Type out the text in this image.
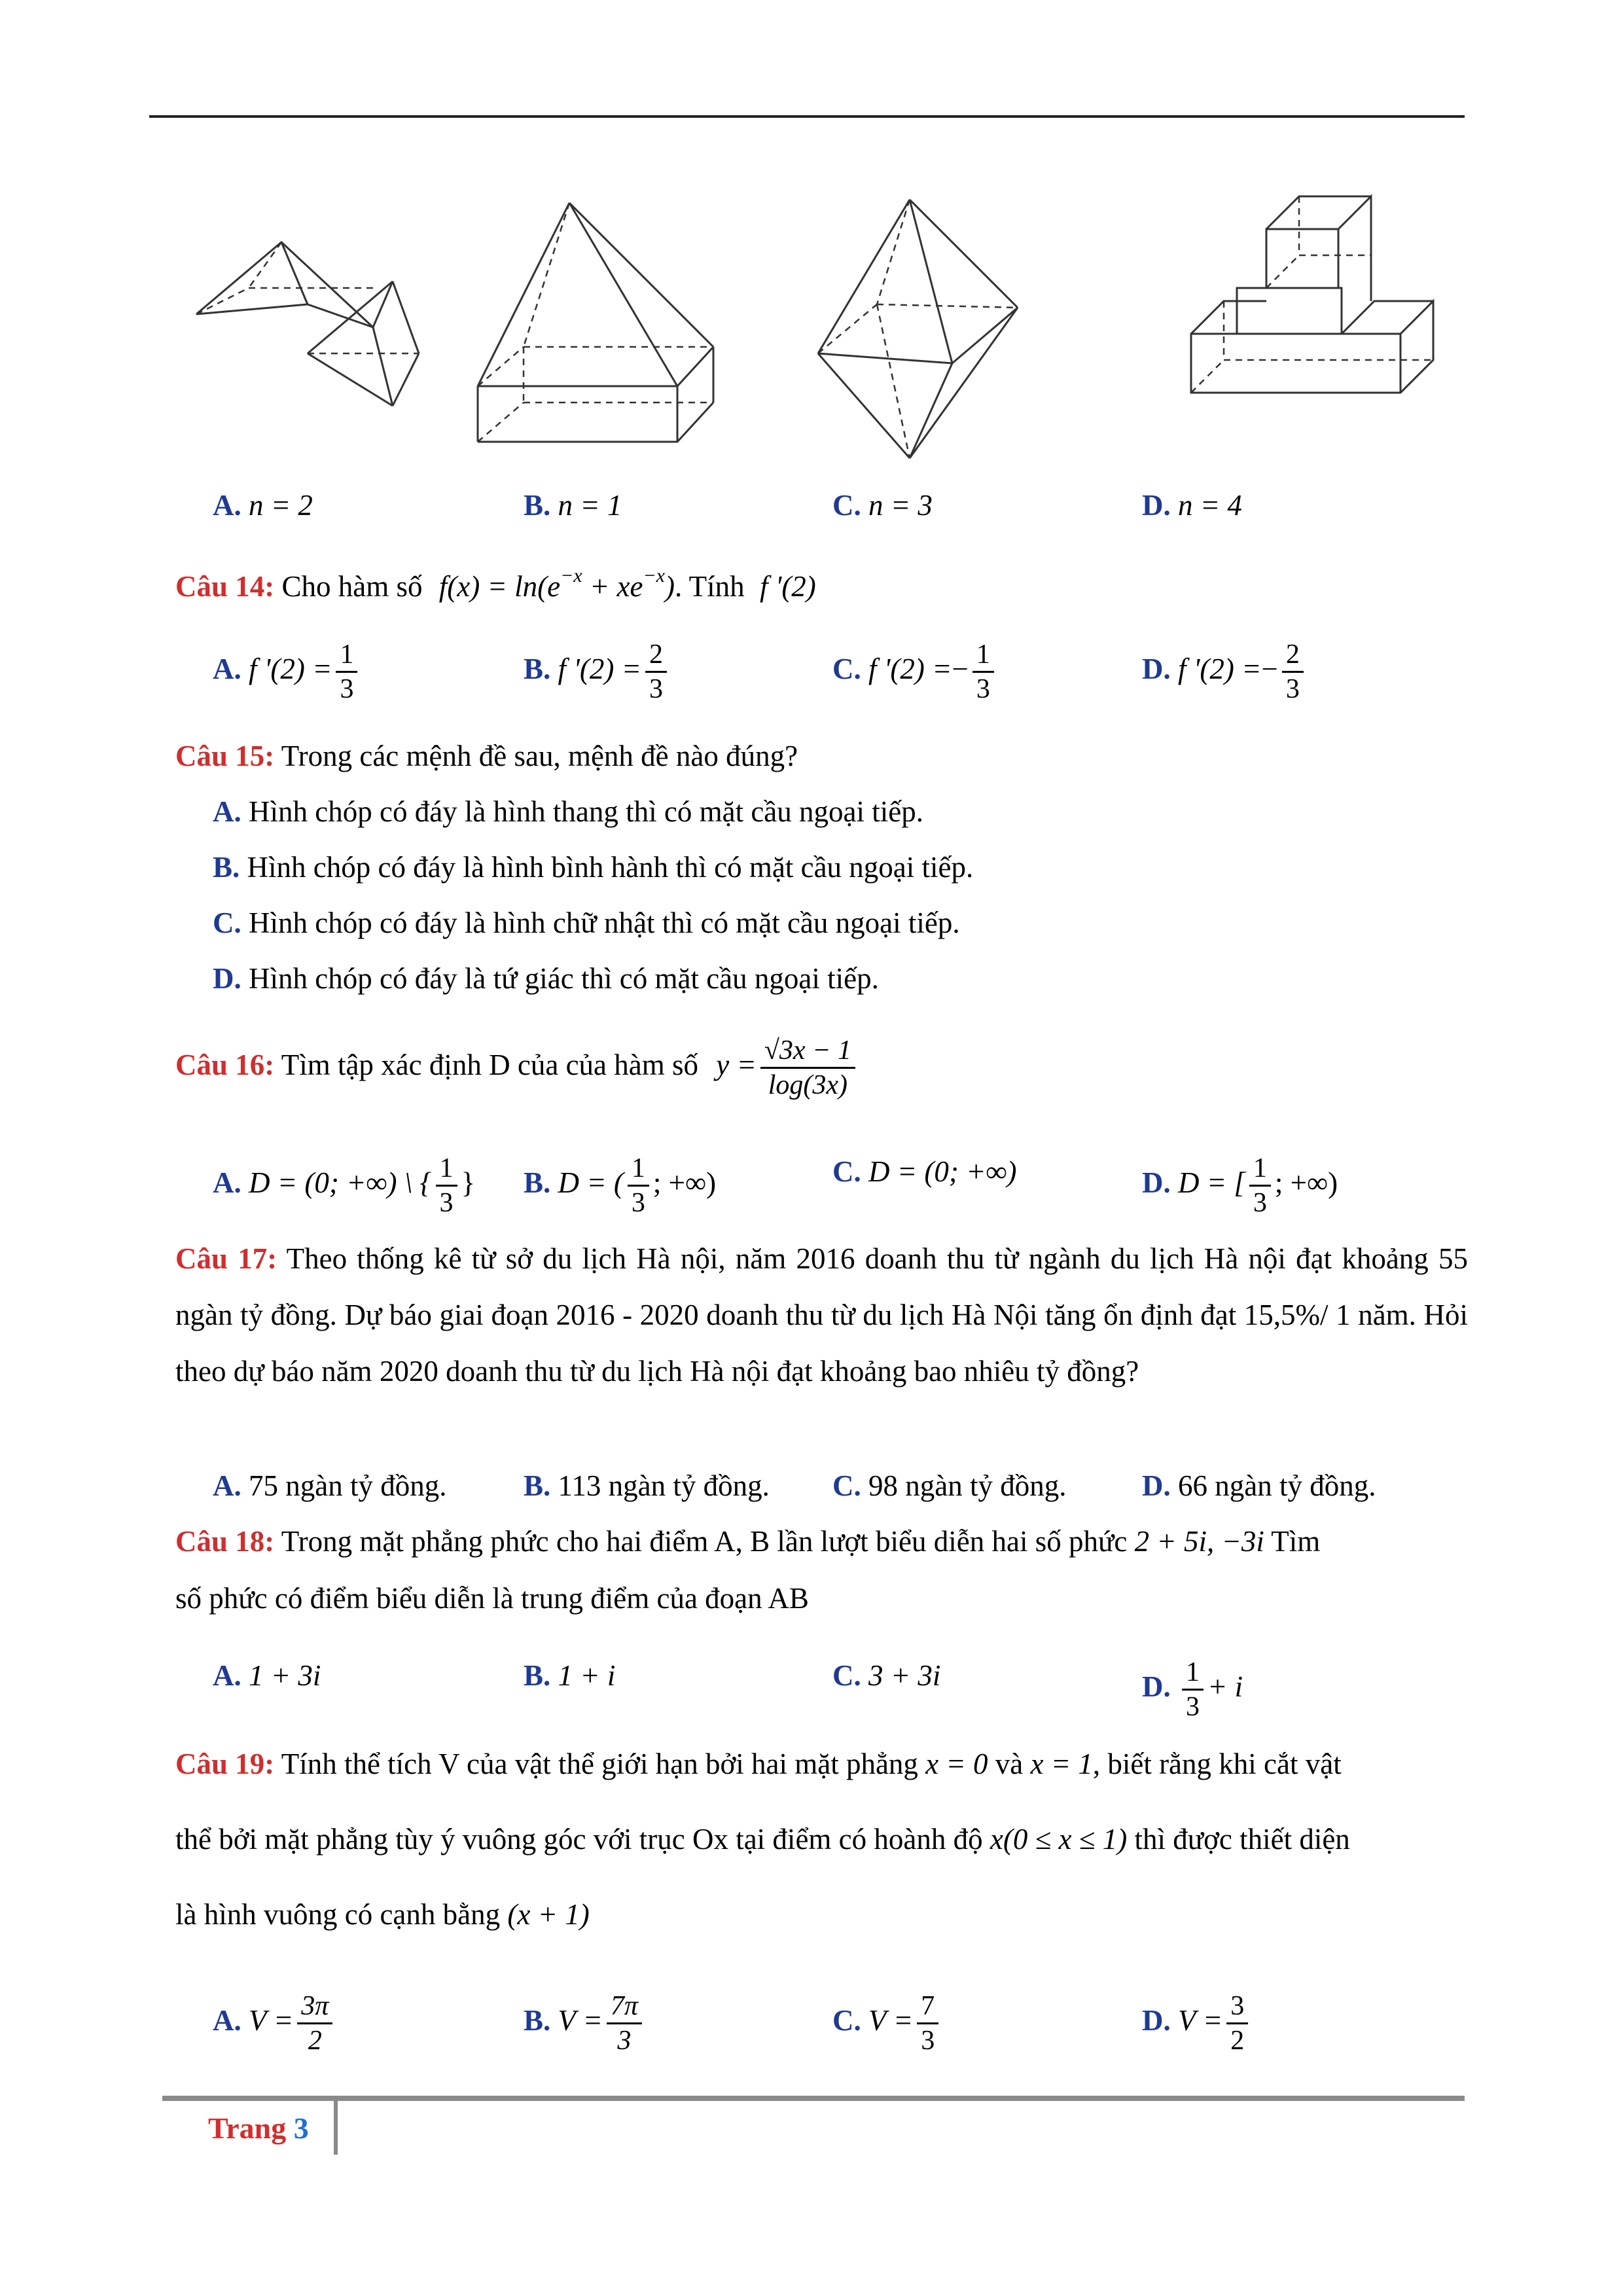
A. n = 2	B. n = 1	C. n = 3	D. n = 4
Câu 14: Cho hàm số $f(x) = \ln(e^{-x} + xe^{-x})$. Tính f '(2)
A. f '$(2) = \frac{1}{3}$	B. f '$(2) = \frac{2}{3}$	C. f '$(2) =- \frac{1}{3}$	D. f '$(2) =- \frac{2}{3}$
Câu 15: Trong các mệnh đề sau, mệnh đề nào đúng?
A. Hình chóp có đáy là hình thang thì có mặt cầu ngoại tiếp.
B. Hình chóp có đáy là hình bình hành thì có mặt cầu ngoại tiếp.
C. Hình chóp có đáy là hình chữ nhật thì có mặt cầu ngoại tiếp.
D. Hình chóp có đáy là tứ giác thì có mặt cầu ngoại tiếp.
Câu 16: Tìm tập xác định D của của hàm số $y = \frac{√3x - 1}{\log(3x)}$
A. D = (0; +∞) \ { $\frac{1}{3}$ } B. D = ( $\frac{1}{3}$ ; +∞)	C. D = (0; +∞)	D. D = [ $\frac{1}{3}$ ; +∞)
Câu 17: Theo thống kê từ sở du lịch Hà nội, năm 2016 doanh thu từ ngành du lịch Hà nội đạt khoảng 55 ngàn tỷ đồng. Dự báo giai đoạn 2016 - 2020 doanh thu từ du lịch Hà Nội tăng ổn định đạt 15,5%/ 1 năm. Hỏi theo dự báo năm 2020 doanh thu từ du lịch Hà nội đạt khoảng bao nhiêu tỷ đồng?
A. 75 ngàn tỷ đồng.	B. 113 ngàn tỷ đồng. C. 98 ngàn tỷ đồng.	D. 66 ngàn tỷ đồng.
Câu 18: Trong mặt phẳng phức cho hai điểm A, B lần lượt biểu diễn hai số phức 2 + 5i, −3i Tìm
số phức có điểm biểu diễn là trung điểm của đoạn AB
A. 1 + 3i	B. 1 + i	C. 3 + 3i	D. $\frac{1}{3} + i$
Câu 19: Tính thể tích V của vật thể giới hạn bởi hai mặt phẳng x = 0 và x = 1, biết rằng khi cắt vật
thể bởi mặt phẳng tùy ý vuông góc với trục Ox tại điểm có hoành độ x(0 ≤ x ≤ 1) thì được thiết diện
là hình vuông có cạnh bằng (x + 1)
A. $V = \frac{3\pi}{2}$	B. $V = \frac{7\pi}{3}$	C. $V = \frac{7}{3}$	D. $V = \frac{3}{2}$
Trang 3
